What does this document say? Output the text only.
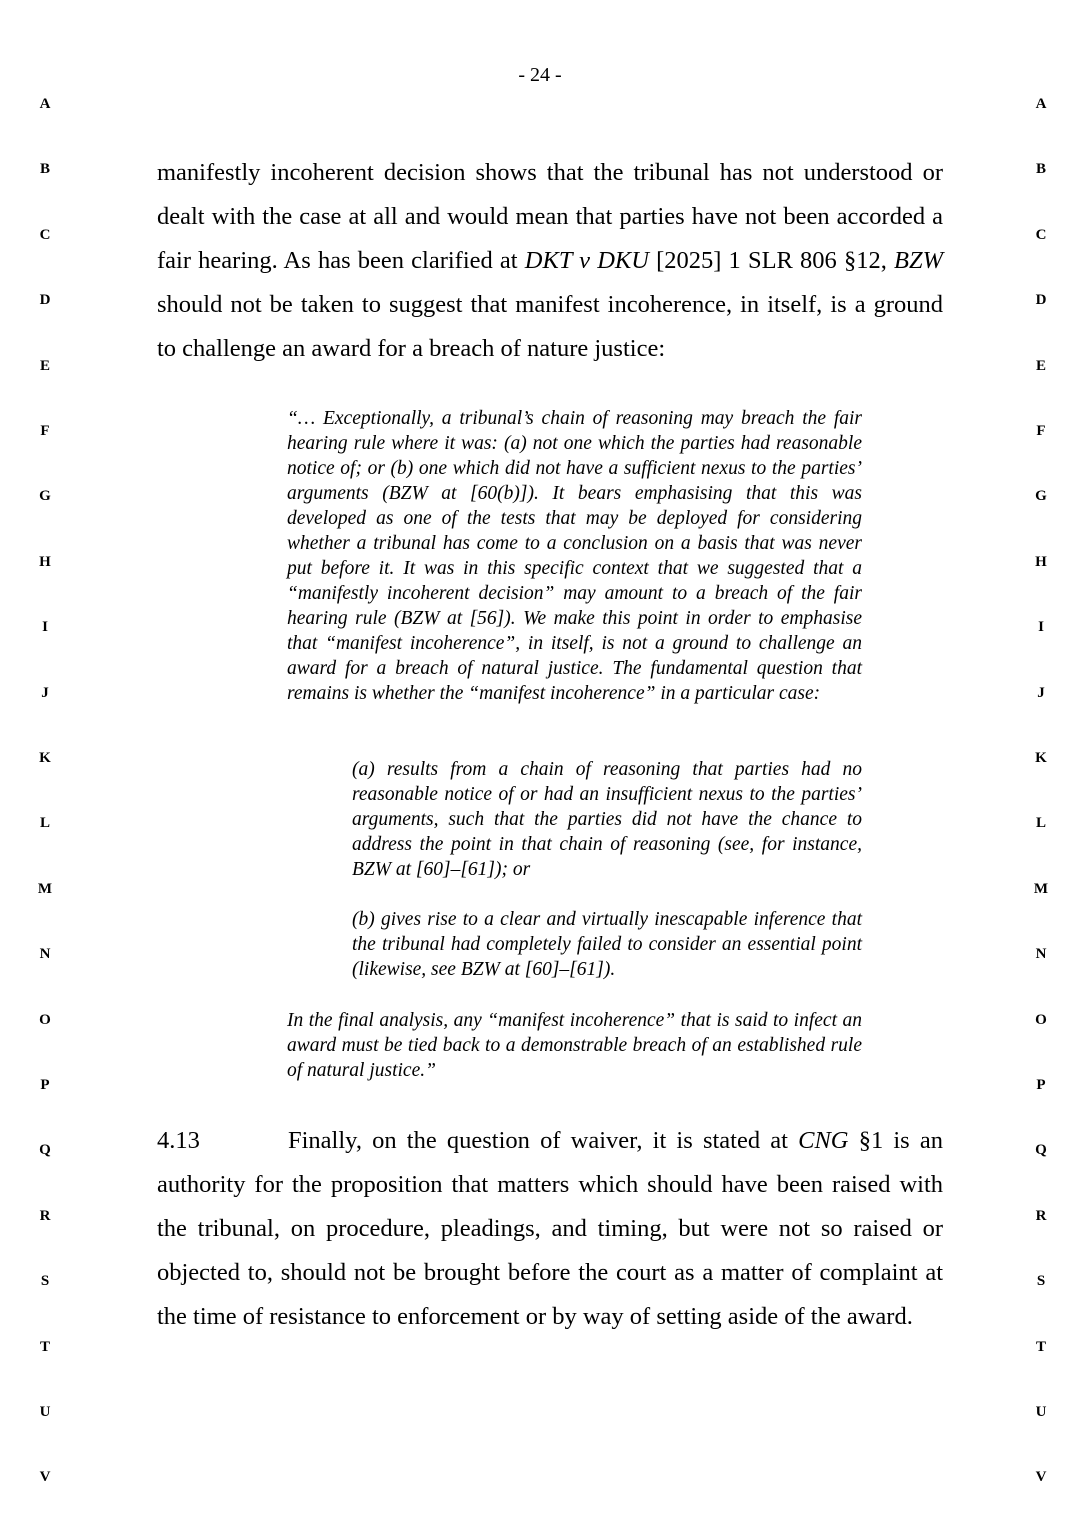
- 24 -
A
B
C
D
E
F
G
H
I
J
K
L
M
N
O
P
Q
R
S
T
U
V
A
B
C
D
E
F
G
H
I
J
K
L
M
N
O
P
Q
R
S
T
U
V

manifestly incoherent decision shows that the tribunal has not understood or dealt with the case at all and would mean that parties have not been accorded a fair hearing. As has been clarified at DKT v DKU [2025] 1 SLR 806 §12, BZW should not be taken to suggest that manifest incoherence, in itself, is a ground to challenge an award for a breach of nature justice:

“… Exceptionally, a tribunal’s chain of reasoning may breach the fair hearing rule where it was: (a) not one which the parties had reasonable notice of; or (b) one which did not have a sufficient nexus to the parties’ arguments (BZW at [60(b)]). It bears emphasising that this was developed as one of the tests that may be deployed for considering whether a tribunal has come to a conclusion on a basis that was never put before it. It was in this specific context that we suggested that a “manifestly incoherent decision” may amount to a breach of the fair hearing rule (BZW at [56]). We make this point in order to emphasise that “manifest incoherence”, in itself, is not a ground to challenge an award for a breach of natural justice. The fundamental question that remains is whether the “manifest incoherence” in a particular case:

(a) results from a chain of reasoning that parties had no reasonable notice of or had an insufficient nexus to the parties’ arguments, such that the parties did not have the chance to address the point in that chain of reasoning (see, for instance, BZW at [60]–[61]); or

(b) gives rise to a clear and virtually inescapable inference that the tribunal had completely failed to consider an essential point (likewise, see BZW at [60]–[61]).

In the final analysis, any “manifest incoherence” that is said to infect an award must be tied back to a demonstrable breach of an established rule of natural justice.”

4.13	Finally, on the question of waiver, it is stated at CNG §1 is an authority for the proposition that matters which should have been raised with the tribunal, on procedure, pleadings, and timing, but were not so raised or objected to, should not be brought before the court as a matter of complaint at the time of resistance to enforcement or by way of setting aside of the award.
